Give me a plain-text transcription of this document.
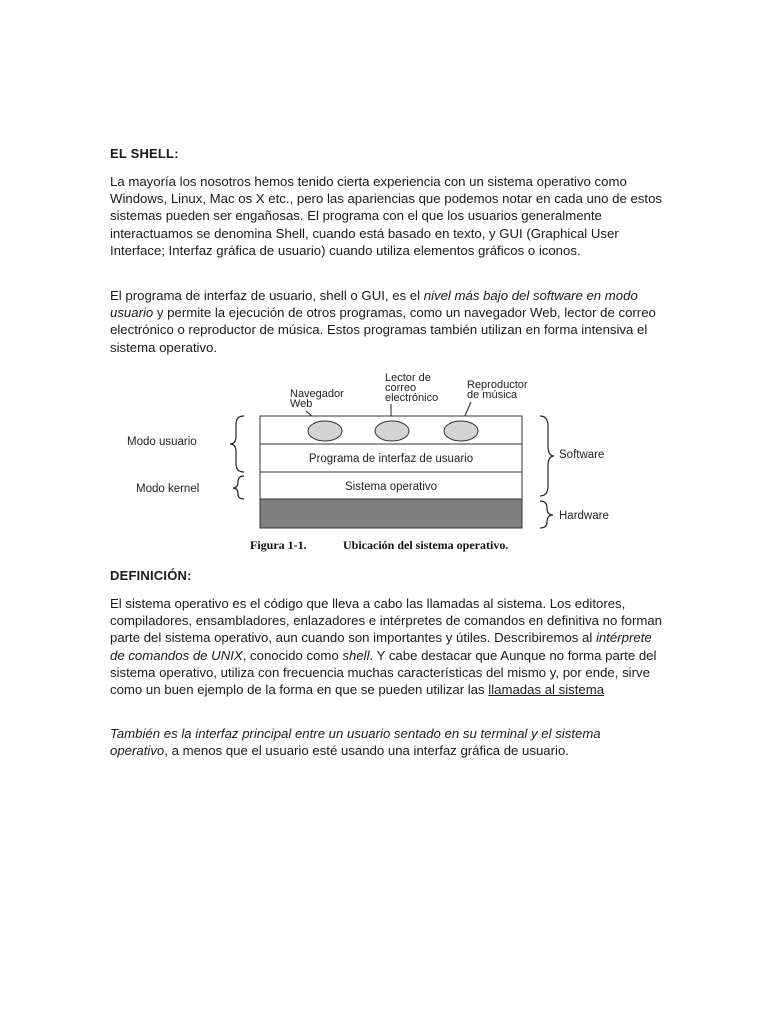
EL SHELL:
La mayoría los nosotros hemos tenido cierta experiencia con un sistema operativo como Windows, Linux, Mac os X etc., pero las apariencias que podemos notar en cada uno de estos sistemas pueden ser engañosas. El programa con el que los usuarios generalmente interactuamos se denomina Shell, cuando está basado en texto, y GUI (Graphical User Interface; Interfaz gráfica de usuario) cuando utiliza elementos gráficos o iconos.
El programa de interfaz de usuario, shell o GUI, es el nivel más bajo del software en modo usuario y permite la ejecución de otros programas, como un navegador Web, lector de correo electrónico o reproductor de música. Estos programas también utilizan en forma intensiva el sistema operativo.
DEFINICIÓN:
El sistema operativo es el código que lleva a cabo las llamadas al sistema. Los editores, compiladores, ensambladores, enlazadores e intérpretes de comandos en definitiva no forman parte del sistema operativo, aun cuando son importantes y útiles. Describiremos al intérprete de comandos de UNIX, conocido como shell. Y cabe destacar que Aunque no forma parte del sistema operativo, utiliza con frecuencia muchas características del mismo y, por ende, sirve como un buen ejemplo de la forma en que se pueden utilizar las llamadas al sistema
También es la interfaz principal entre un usuario sentado en su terminal y el sistema operativo, a menos que el usuario esté usando una interfaz gráfica de usuario.
Navegador
Web
Lector de
correo
electrónico
Reproductor
de música
Programa de interfaz de usuario
Sistema operativo
Modo usuario
Modo kernel
Software
Hardware
Figura 1-1.	Ubicación del sistema operativo.
